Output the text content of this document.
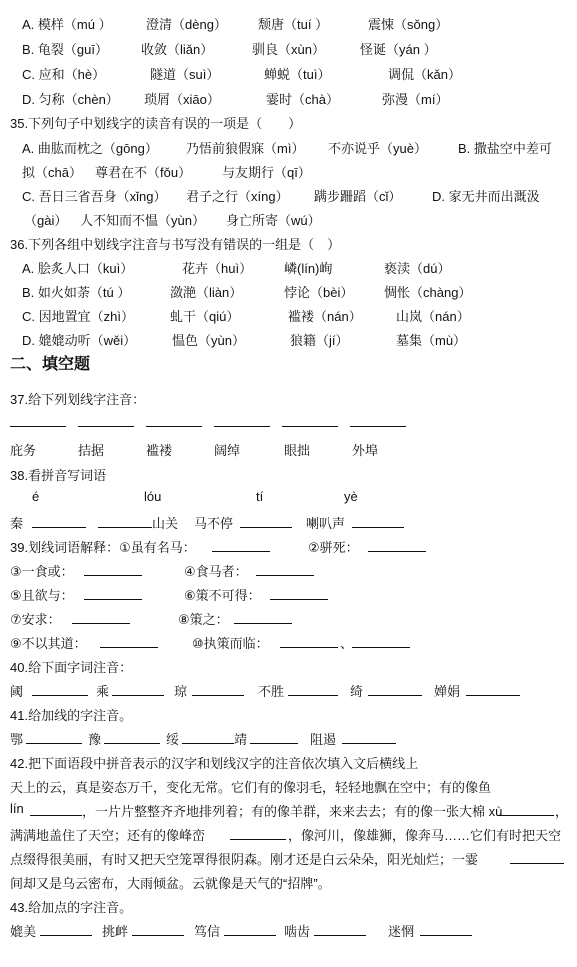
A. 模样（mú ）	澄清（dèng） 颓唐（tuí ）	震悚（sǒng）
B. 龟裂（guī）	收敛（liǎn）	驯良（xùn）	怪诞（yán ）
C. 应和（hè）	隧道（suì）	蝉蜕（tuì）	调侃（kǎn）
D. 匀称（chèn） 琐屑（xiāo）	霎时（chà）	弥漫（mí）
35.下列句子中划线字的读音有误的一项是（　　）
A. 曲肱而枕之（gōng） 乃悟前狼假寐（mì） 不亦说乎（yuè） B. 撒盐空中差可
拟（chā） 尊君在不（fǒu） 与友期行（qī）
C. 吾日三省吾身（xǐng） 君子之行（xíng） 蹒步跚蹈（cǐ） D. 家无井而出溉汲
（gài） 人不知而不愠（yùn） 身亡所寄（wú）
36.下列各组中划线字注音与书写没有错误的一组是（　）
A. 脍炙人口（kuì）	花卉（huì） 嶙(lín)峋	亵渎（dú）
B. 如火如荼（tú ）	潋滟（liàn）	悖论（bèi） 惆怅（chàng）
C. 因地置宜（zhì）	虬干（qiú）	褴褛（nán）	山岚（nán）
D. 媲媲动听（wěi）	愠色（yùn）	狼籍（jí）	墓集（mù）
二、填空题
37.给下列划线字注音：
庇务	拮据	褴褛	阔绰	眼拙	外埠
38.看拼音写词语
é	lóu	tí	yè
秦	山关 马不停	喇叭声
39.划线词语解释：①虽有名马：	②骈死：
③一食或：	④食马者：
⑤且欲与：	⑥策不可得：
⑦安求：	⑧策之：
⑨不以其道：	⑩执策而临：	、
40.给下面字词注音：
阈	乘	琼	不胜	绮	婵娟
41.给加线的字注音。
鄂	豫	绥	靖	阻遏
42.把下面语段中拼音表示的汉字和划线汉字的注音依次填入文后横线上
天上的云，真是姿态万千，变化无常。它们有的像羽毛，轻轻地飘在空中；有的像鱼
lín	，一片片整整齐齐地排列着；有的像羊群，来来去去；有的像一张大棉 xù	，
满满地盖住了天空；还有的像峰峦	，像河川，像雄狮，像奔马……它们有时把天空
点缀得很美丽，有时又把天空笼罩得很阴森。刚才还是白云朵朵，阳光灿烂；一霎
间却又是乌云密布，大雨倾盆。云就像是天气的“招牌”。
43.给加点的字注音。
媲美	挑衅	笃信	啮齿	迷惘
